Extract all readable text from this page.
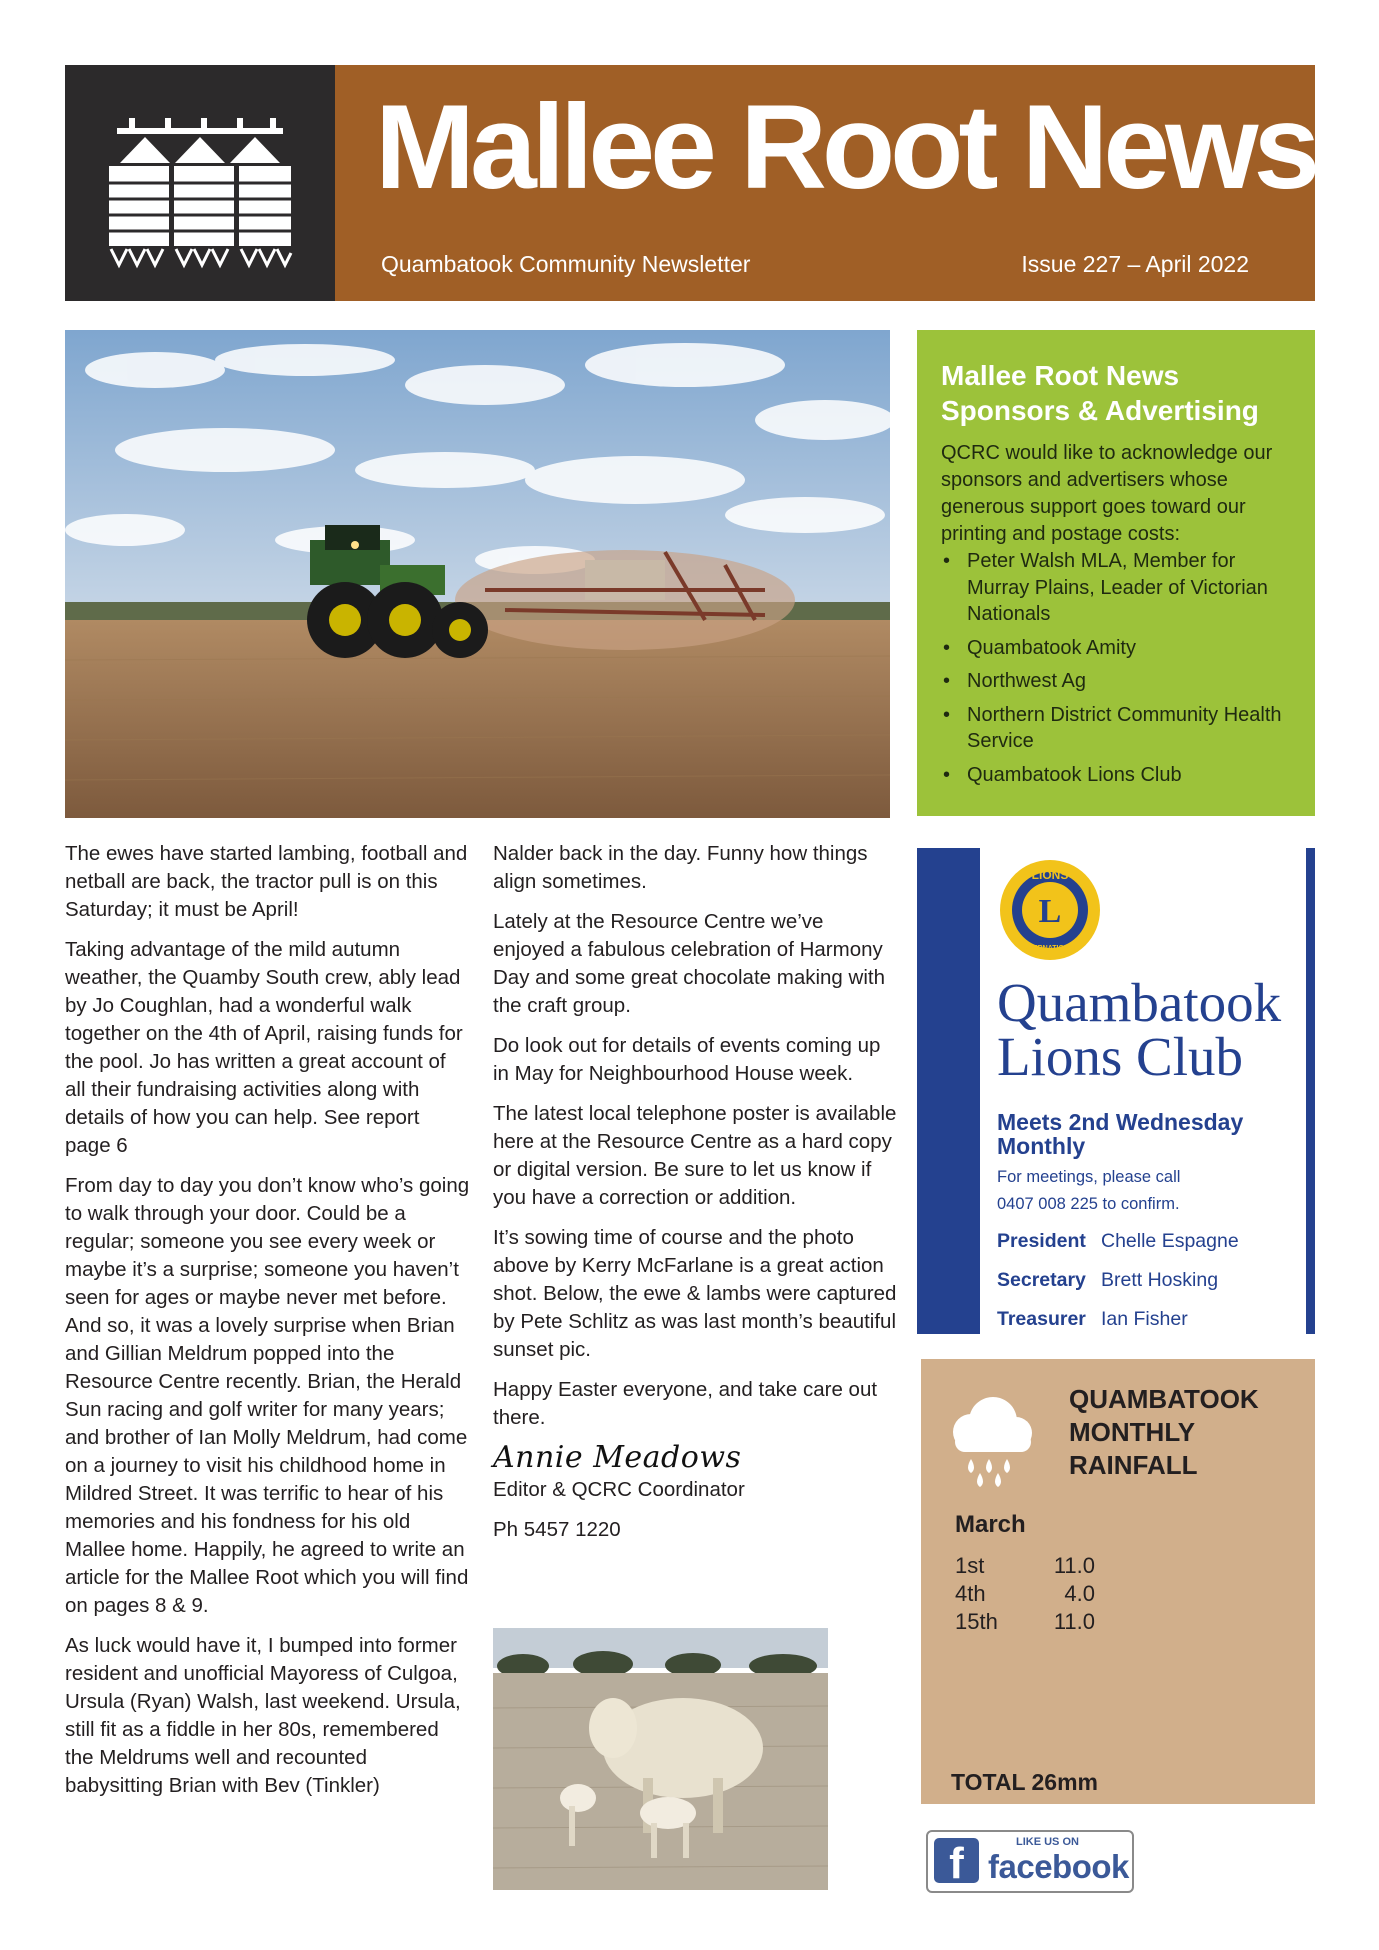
Mallee Root News
Quambatook Community Newsletter	Issue 227 – April 2022
Mallee Root News Sponsors & Advertising

QCRC would like to acknowledge our sponsors and advertisers whose generous support goes toward our printing and postage costs:

• Peter Walsh MLA, Member for Murray Plains, Leader of Victorian Nationals
• Quambatook Amity
• Northwest Ag
• Northern District Community Health Service
• Quambatook Lions Club

The ewes have started lambing, football and netball are back, the tractor pull is on this Saturday; it must be April!

Taking advantage of the mild autumn weather, the Quamby South crew, ably lead by Jo Coughlan, had a wonderful walk together on the 4th of April, raising funds for the pool. Jo has written a great account of all their fundraising activities along with details of how you can help. See report page 6

From day to day you don’t know who’s going to walk through your door. Could be a regular; someone you see every week or maybe it’s a surprise; someone you haven’t seen for ages or maybe never met before. And so, it was a lovely surprise when Brian and Gillian Meldrum popped into the Resource Centre recently. Brian, the Herald Sun racing and golf writer for many years; and brother of Ian Molly Meldrum, had come on a journey to visit his childhood home in Mildred Street. It was terrific to hear of his memories and his fondness for his old Mallee home. Happily, he agreed to write an article for the Mallee Root which you will find on pages 8 & 9.

As luck would have it, I bumped into former resident and unofficial Mayoress of Culgoa, Ursula (Ryan) Walsh, last weekend. Ursula, still fit as a fiddle in her 80s, remembered the Meldrums well and recounted babysitting Brian with Bev (Tinkler)

Nalder back in the day. Funny how things align sometimes.

Lately at the Resource Centre we’ve enjoyed a fabulous celebration of Harmony Day and some great chocolate making with the craft group.

Do look out for details of events coming up in May for Neighbourhood House week.

The latest local telephone poster is available here at the Resource Centre as a hard copy or digital version. Be sure to let us know if you have a correction or addition.

It’s sowing time of course and the photo above by Kerry McFarlane is a great action shot. Below, the ewe & lambs were captured by Pete Schlitz as was last month’s beautiful sunset pic.

Happy Easter everyone, and take care out there.

Annie Meadows

Editor & QCRC Coordinator

Ph 5457 1220

L
LIONS
INTERNATIONAL
Quambatook
Lions Club
Meets 2nd Wednesday Monthly
For meetings, please call
0407 008 225 to confirm.
President Chelle Espagne
Secretary Brett Hosking
Treasurer Ian Fisher
QUAMBATOOK MONTHLY RAINFALL
March
1st	11.0
4th	4.0
15th	11.0
TOTAL 26mm
f	LIKE US ON
facebook
